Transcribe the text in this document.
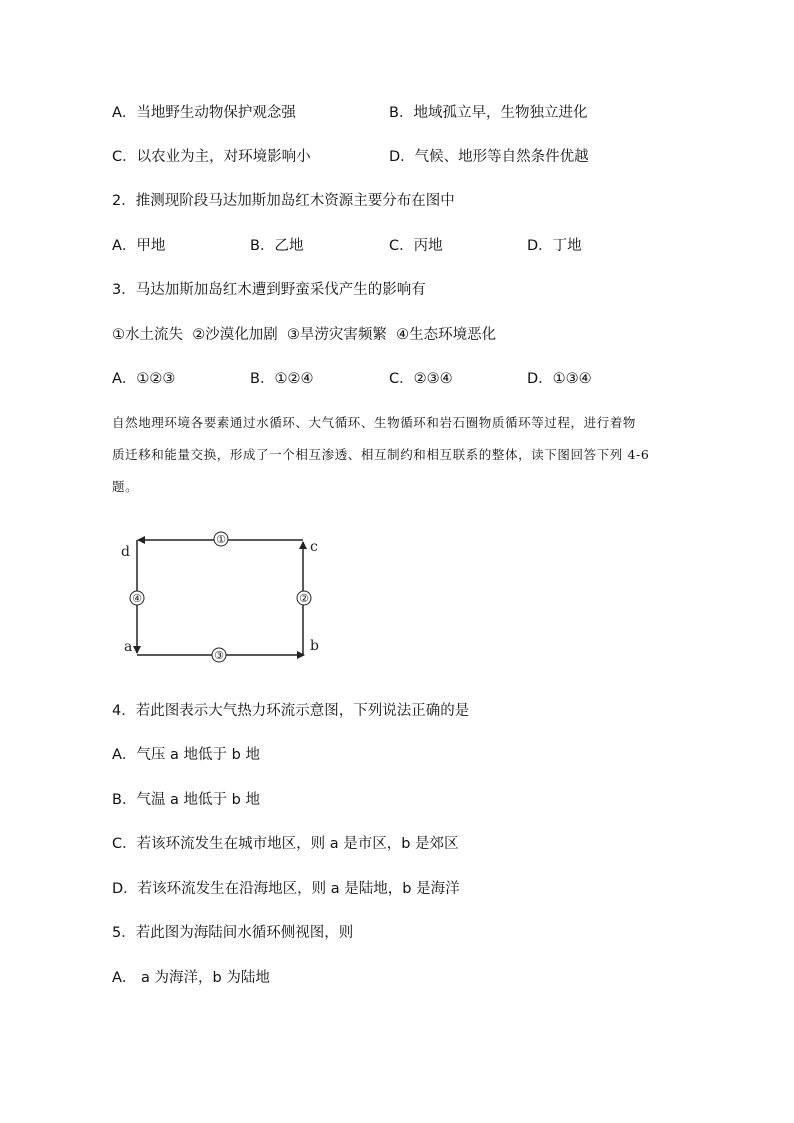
A．当地野生动物保护观念强	B．地域孤立早，生物独立进化
C．以农业为主，对环境影响小	D．气候、地形等自然条件优越
2．推测现阶段马达加斯加岛红木资源主要分布在图中
A．甲地	B．乙地	C．丙地	D．丁地
3．马达加斯加岛红木遭到野蛮采伐产生的影响有
①水土流失  ②沙漠化加剧  ③旱涝灾害频繁  ④生态环境恶化
A．①②③	B．①②④	C．②③④	D．①③④
自然地理环境各要素通过水循环、大气循环、生物循环和岩石圈物质循环等过程，进行着物
质迁移和能量交换，形成了一个相互渗透、相互制约和相互联系的整体，读下图回答下列 4-6
题。
①
②
③
④
d	c
a	b
4．若此图表示大气热力环流示意图，下列说法正确的是
A．气压 a 地低于 b 地
B．气温 a 地低于 b 地
C．若该环流发生在城市地区，则 a 是市区，b 是郊区
D．若该环流发生在沿海地区，则 a 是陆地，b 是海洋
5．若此图为海陆间水循环侧视图，则
A． a 为海洋，b 为陆地
